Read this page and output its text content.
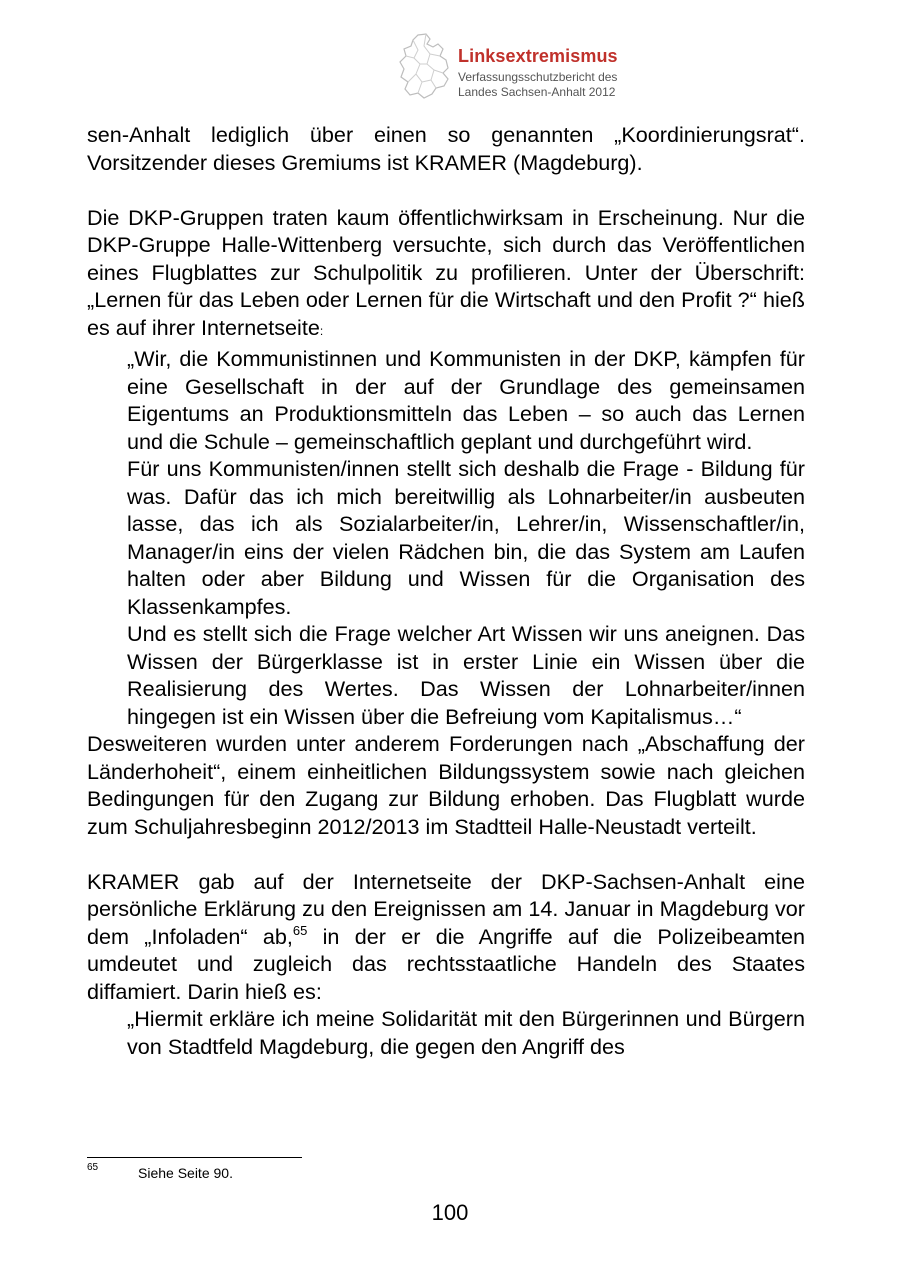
Linksextremismus
Verfassungsschutzbericht des
Landes Sachsen-Anhalt 2012

sen-Anhalt lediglich über einen so genannten „Koordinierungsrat“. Vorsitzender dieses Gremiums ist KRAMER (Magdeburg).

Die DKP-Gruppen traten kaum öffentlichwirksam in Erscheinung. Nur die DKP-Gruppe Halle-Wittenberg versuchte, sich durch das Veröffentlichen eines Flugblattes zur Schulpolitik zu profilieren. Unter der Überschrift: „Lernen für das Leben oder Lernen für die Wirtschaft und den Profit ?“ hieß es auf ihrer Internetseite:

„Wir, die Kommunistinnen und Kommunisten in der DKP, kämpfen für eine Gesellschaft in der auf der Grundlage des gemeinsamen Eigentums an Produktionsmitteln das Leben – so auch das Lernen und die Schule – gemeinschaftlich geplant und durchgeführt wird.

Für uns Kommunisten/innen stellt sich deshalb die Frage - Bildung für was. Dafür das ich mich bereitwillig als Lohnarbeiter/in ausbeuten lasse, das ich als Sozialarbeiter/in, Lehrer/in, Wissenschaftler/in, Manager/in eins der vielen Rädchen bin, die das System am Laufen halten oder aber Bildung und Wissen für die Organisation des Klassenkampfes.

Und es stellt sich die Frage welcher Art Wissen wir uns aneignen. Das Wissen der Bürgerklasse ist in erster Linie ein Wissen über die Realisierung des Wertes. Das Wissen der Lohnarbeiter/innen hingegen ist ein Wissen über die Befreiung vom Kapitalismus…“

Desweiteren wurden unter anderem Forderungen nach „Abschaffung der Länderhoheit“, einem einheitlichen Bildungssystem sowie nach gleichen Bedingungen für den Zugang zur Bildung erhoben. Das Flugblatt wurde zum Schuljahresbeginn 2012/2013 im Stadtteil Halle-Neustadt verteilt.

KRAMER gab auf der Internetseite der DKP-Sachsen-Anhalt eine persönliche Erklärung zu den Ereignissen am 14. Januar in Magdeburg vor dem „Infoladen“ ab,$^{65}$ in der er die Angriffe auf die Polizeibeamten umdeutet und zugleich das rechtsstaatliche Handeln des Staates diffamiert. Darin hieß es:

„Hiermit erkläre ich meine Solidarität mit den Bürgerinnen und Bürgern von Stadtfeld Magdeburg, die gegen den Angriff des

65	Siehe Seite 90.
100
